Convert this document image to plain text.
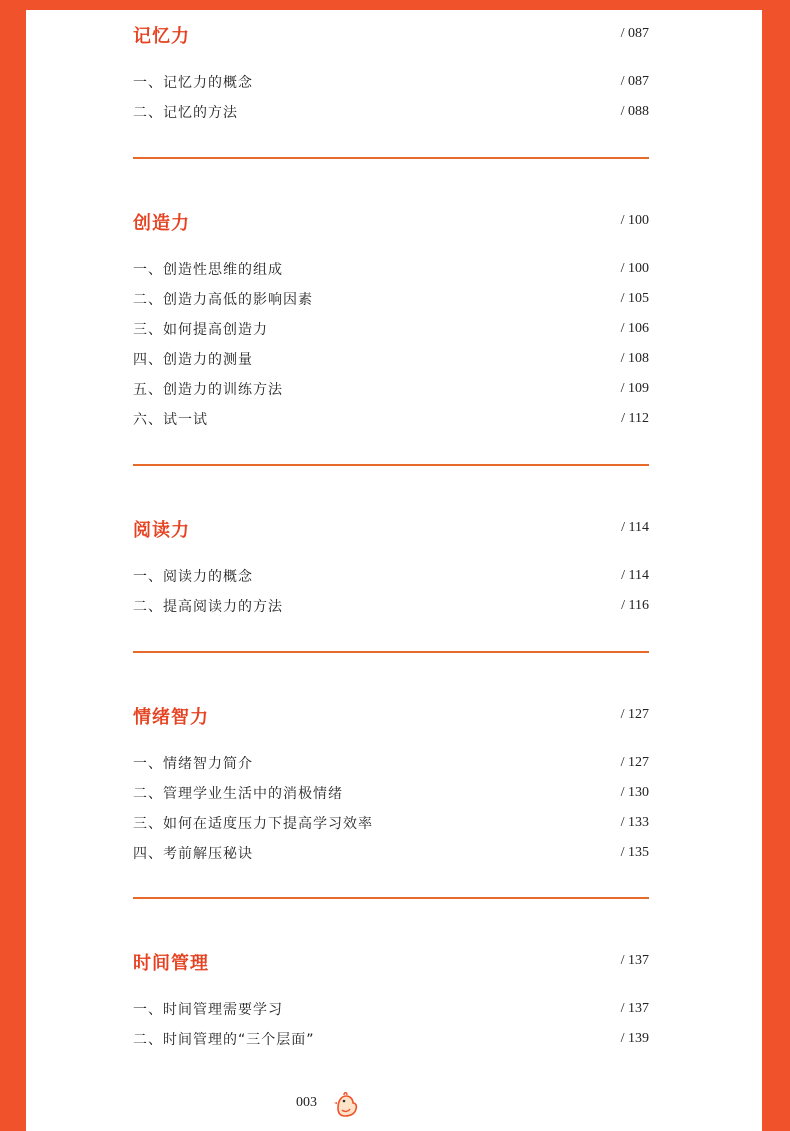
记忆力	/ 087
一、记忆力的概念	/ 087
二、记忆的方法	/ 088
创造力	/ 100
一、创造性思维的组成	/ 100
二、创造力高低的影响因素	/ 105
三、如何提高创造力	/ 106
四、创造力的测量	/ 108
五、创造力的训练方法	/ 109
六、试一试	/ 112
阅读力	/ 114
一、阅读力的概念	/ 114
二、提高阅读力的方法	/ 116
情绪智力	/ 127
一、情绪智力简介	/ 127
二、管理学业生活中的消极情绪	/ 130
三、如何在适度压力下提高学习效率	/ 133
四、考前解压秘诀	/ 135
时间管理	/ 137
一、时间管理需要学习	/ 137
二、时间管理的“三个层面”	/ 139
003
